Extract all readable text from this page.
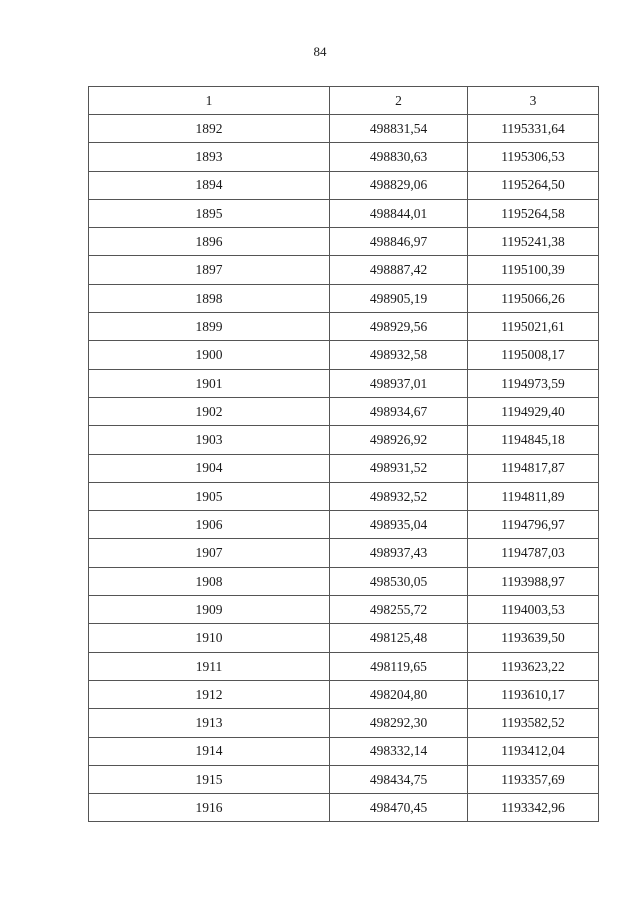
84
1	2	3
1892	498831,54	1195331,64
1893	498830,63	1195306,53
1894	498829,06	1195264,50
1895	498844,01	1195264,58
1896	498846,97	1195241,38
1897	498887,42	1195100,39
1898	498905,19	1195066,26
1899	498929,56	1195021,61
1900	498932,58	1195008,17
1901	498937,01	1194973,59
1902	498934,67	1194929,40
1903	498926,92	1194845,18
1904	498931,52	1194817,87
1905	498932,52	1194811,89
1906	498935,04	1194796,97
1907	498937,43	1194787,03
1908	498530,05	1193988,97
1909	498255,72	1194003,53
1910	498125,48	1193639,50
1911	498119,65	1193623,22
1912	498204,80	1193610,17
1913	498292,30	1193582,52
1914	498332,14	1193412,04
1915	498434,75	1193357,69
1916	498470,45	1193342,96
